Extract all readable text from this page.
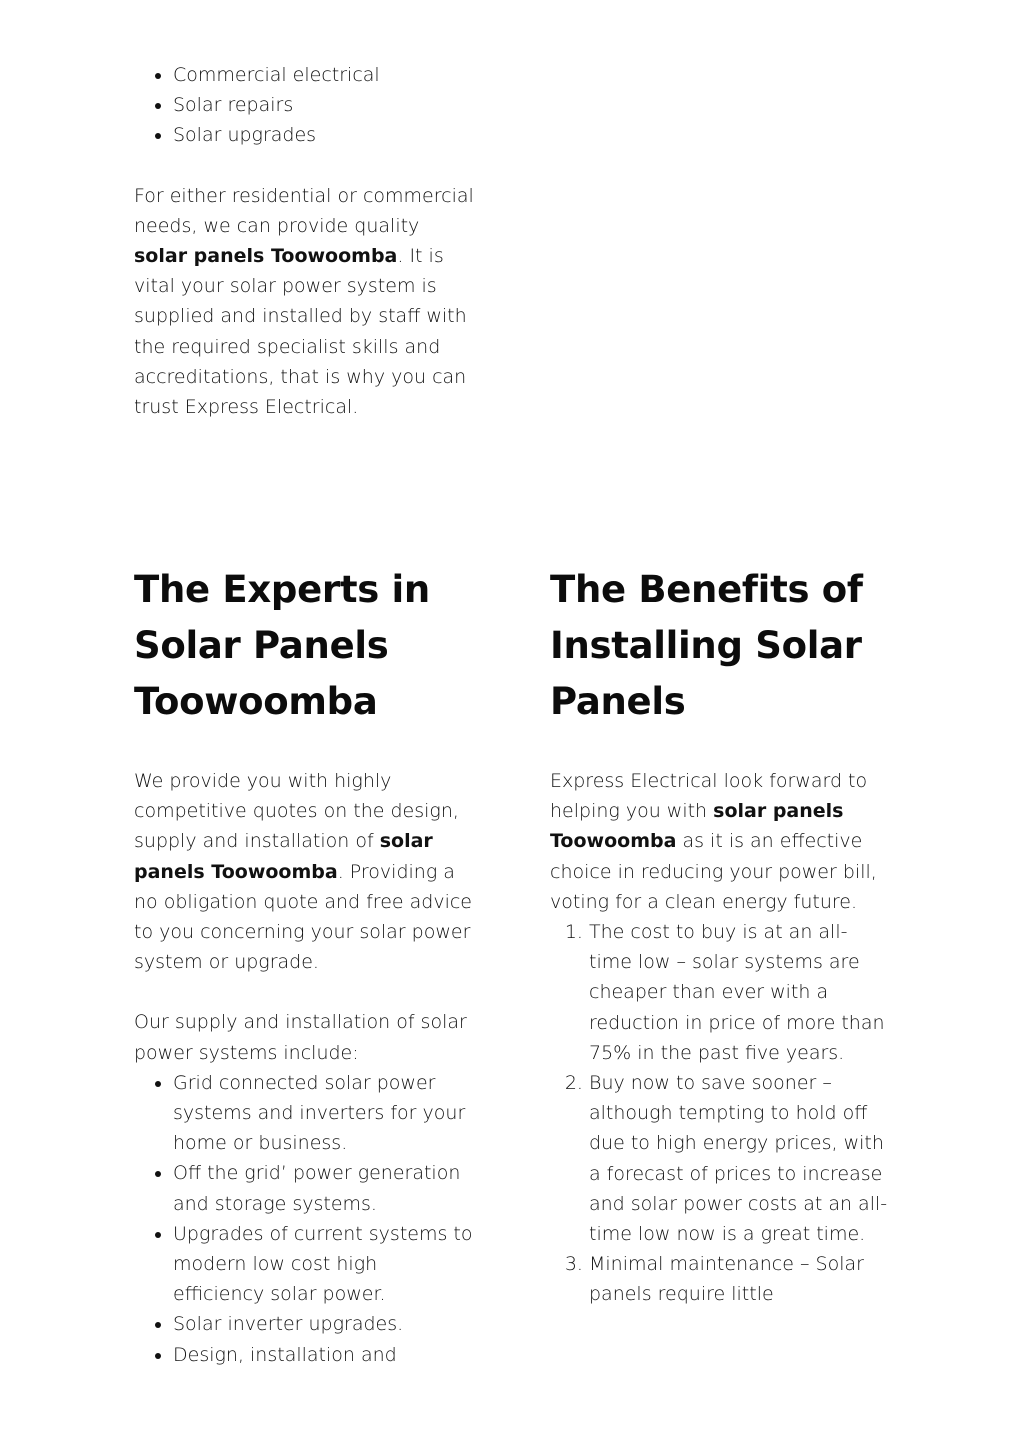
• Commercial electrical
• Solar repairs
• Solar upgrades

For either residential or commercial needs, we can provide quality solar panels Toowoomba. It is vital your solar power system is supplied and installed by staff with the required specialist skills and accreditations, that is why you can trust Express Electrical.

The Experts in Solar Panels Toowoomba

We provide you with highly competitive quotes on the design, supply and installation of solar panels Toowoomba. Providing a no obligation quote and free advice to you concerning your solar power system or upgrade.

Our supply and installation of solar power systems include:

• Grid connected solar power systems and inverters for your home or business.
• Off the grid’ power generation and storage systems.
• Upgrades of current systems to modern low cost high efficiency solar power.
• Solar inverter upgrades.
• Design, installation and
The Benefits of Installing Solar Panels

Express Electrical look forward to helping you with solar panels Toowoomba as it is an effective choice in reducing your power bill, voting for a clean energy future.

1. The cost to buy is at an all-time low – solar systems are cheaper than ever with a reduction in price of more than 75% in the past five years.
2. Buy now to save sooner – although tempting to hold off due to high energy prices, with a forecast of prices to increase and solar power costs at an all-time low now is a great time.
3. Minimal maintenance – Solar panels require little
